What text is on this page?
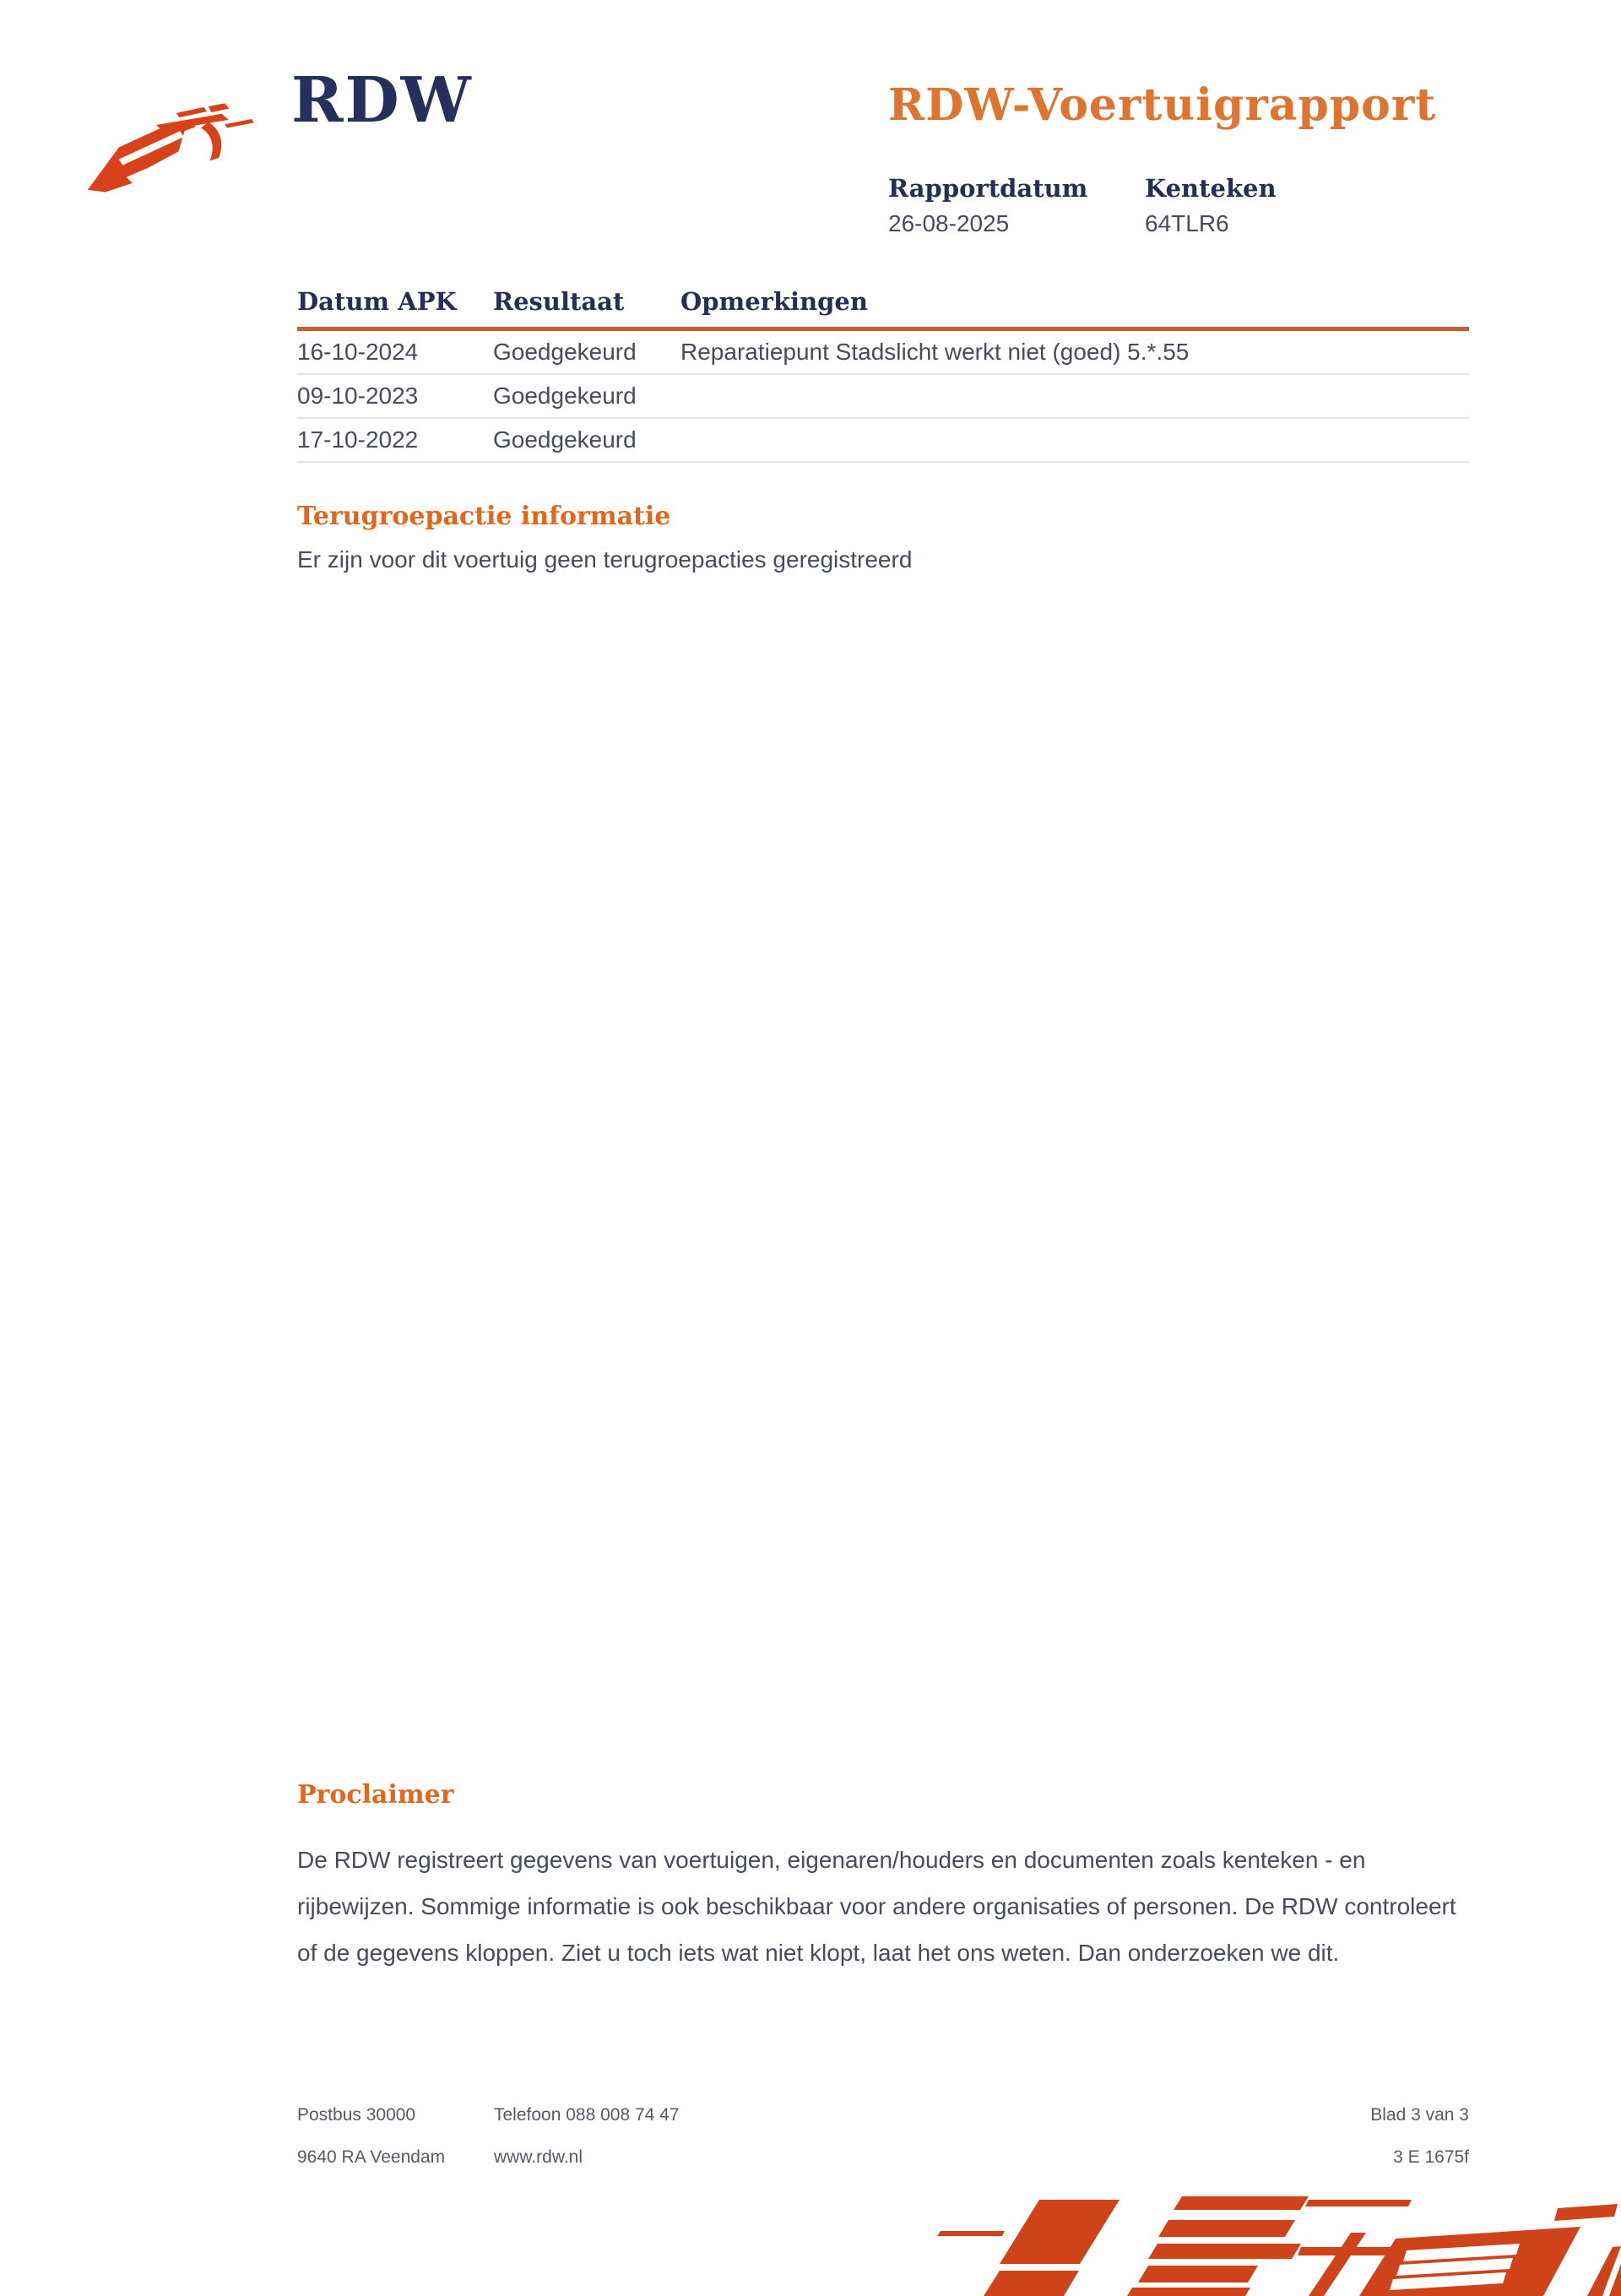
RDW	RDW-Voertuigrapport
Rapportdatum
26-08-2025
Kenteken
64TLR6
Datum APK	Resultaat	Opmerkingen
16-10-2024	Goedgekeurd	Reparatiepunt Stadslicht werkt niet (goed) 5.*.55
09-10-2023	Goedgekeurd
17-10-2022	Goedgekeurd
Terugroepactie informatie
Er zijn voor dit voertuig geen terugroepacties geregistreerd
Proclaimer
De RDW registreert gegevens van voertuigen, eigenaren/houders en documenten zoals kenteken - en rijbewijzen. Sommige informatie is ook beschikbaar voor andere organisaties of personen. De RDW controleert of de gegevens kloppen. Ziet u toch iets wat niet klopt, laat het ons weten. Dan onderzoeken we dit.
Postbus 30000
9640 RA Veendam
Telefoon 088 008 74 47
www.rdw.nl
Blad 3 van 3
3 E 1675f
